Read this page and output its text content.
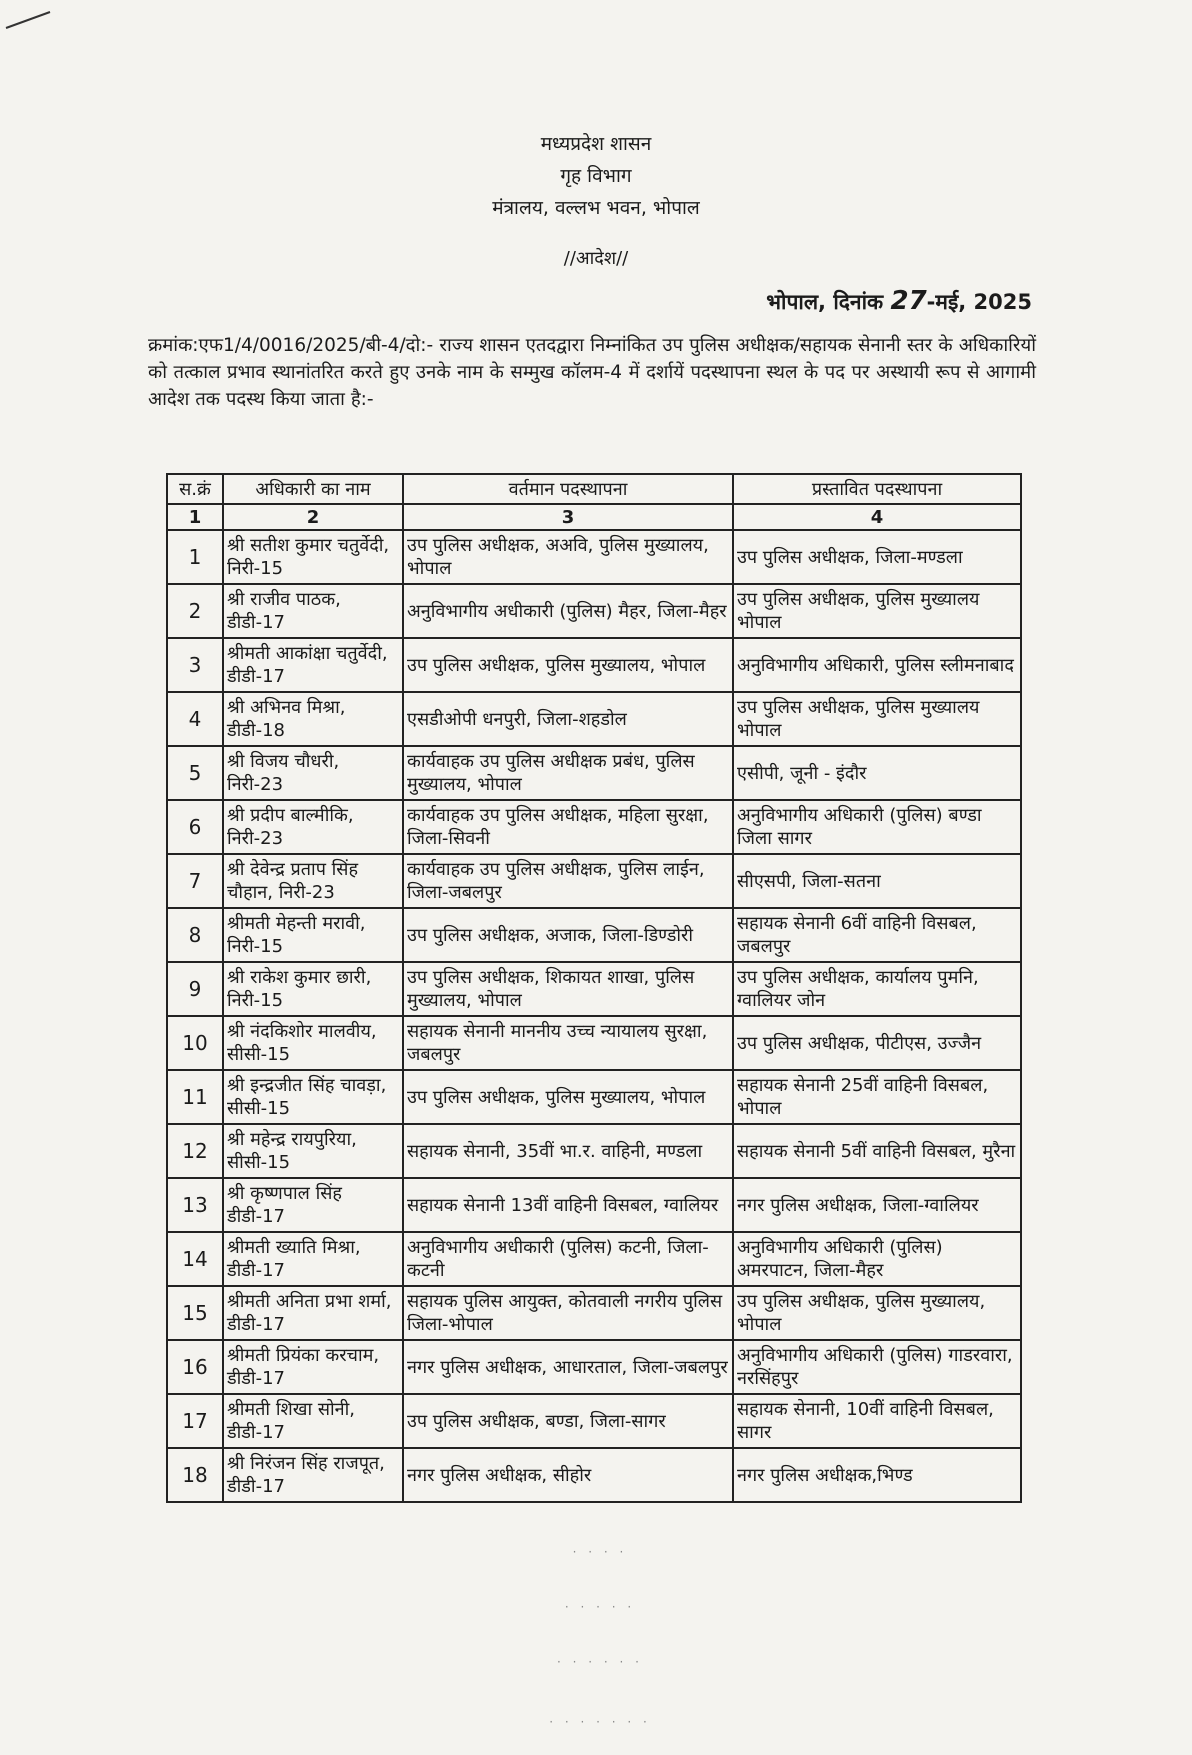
मध्यप्रदेश शासन
गृह विभाग
मंत्रालय, वल्लभ भवन, भोपाल
//आदेश//
भोपाल, दिनांक 27-मई, 2025
क्रमांक:एफ1/4/0016/2025/बी-4/दो:- राज्य शासन एतदद्वारा निम्नांकित उप पुलिस अधीक्षक/सहायक सेनानी स्तर के अधिकारियों को तत्काल प्रभाव स्थानांतरित करते हुए उनके नाम के सम्मुख कॉलम-4 में दर्शायें पदस्थापना स्थल के पद पर अस्थायी रूप से आगामी आदेश तक पदस्थ किया जाता है:-
स.क्रं	अधिकारी का नाम	वर्तमान पदस्थापना	प्रस्तावित पदस्थापना
1	2	3	4
1	श्री सतीश कुमार चतुर्वेदी, निरी-15	उप पुलिस अधीक्षक, अअवि, पुलिस मुख्यालय, भोपाल	उप पुलिस अधीक्षक, जिला-मण्डला
2	श्री राजीव पाठक, डीडी-17	अनुविभागीय अधीकारी (पुलिस) मैहर, जिला-मैहर	उप पुलिस अधीक्षक, पुलिस मुख्यालय भोपाल
3	श्रीमती आकांक्षा चतुर्वेदी, डीडी-17	उप पुलिस अधीक्षक, पुलिस मुख्यालय, भोपाल	अनुविभागीय अधिकारी, पुलिस स्लीमनाबाद
4	श्री अभिनव मिश्रा, डीडी-18	एसडीओपी धनपुरी, जिला-शहडोल	उप पुलिस अधीक्षक, पुलिस मुख्यालय भोपाल
5	श्री विजय चौधरी, निरी-23	कार्यवाहक उप पुलिस अधीक्षक प्रबंध, पुलिस मुख्यालय, भोपाल	एसीपी, जूनी - इंदौर
6	श्री प्रदीप बाल्मीकि, निरी-23	कार्यवाहक उप पुलिस अधीक्षक, महिला सुरक्षा, जिला-सिवनी	अनुविभागीय अधिकारी (पुलिस) बण्डा जिला सागर
7	श्री देवेन्द्र प्रताप सिंह चौहान, निरी-23	कार्यवाहक उप पुलिस अधीक्षक, पुलिस लाईन, जिला-जबलपुर	सीएसपी, जिला-सतना
8	श्रीमती मेहन्ती मरावी, निरी-15	उप पुलिस अधीक्षक, अजाक, जिला-डिण्डोरी	सहायक सेनानी 6वीं वाहिनी विसबल, जबलपुर
9	श्री राकेश कुमार छारी, निरी-15	उप पुलिस अधीक्षक, शिकायत शाखा, पुलिस मुख्यालय, भोपाल	उप पुलिस अधीक्षक, कार्यालय पुमनि, ग्वालियर जोन
10	श्री नंदकिशोर मालवीय, सीसी-15	सहायक सेनानी माननीय उच्च न्यायालय सुरक्षा, जबलपुर	उप पुलिस अधीक्षक, पीटीएस, उज्जैन
11	श्री इन्द्रजीत सिंह चावड़ा, सीसी-15	उप पुलिस अधीक्षक, पुलिस मुख्यालय, भोपाल	सहायक सेनानी 25वीं वाहिनी विसबल, भोपाल
12	श्री महेन्द्र रायपुरिया, सीसी-15	सहायक सेनानी, 35वीं भा.र. वाहिनी, मण्डला	सहायक सेनानी 5वीं वाहिनी विसबल, मुरैना
13	श्री कृष्णपाल सिंह डीडी-17	सहायक सेनानी 13वीं वाहिनी विसबल, ग्वालियर	नगर पुलिस अधीक्षक, जिला-ग्वालियर
14	श्रीमती ख्याति मिश्रा, डीडी-17	अनुविभागीय अधीकारी (पुलिस) कटनी, जिला-कटनी	अनुविभागीय अधिकारी (पुलिस) अमरपाटन, जिला-मैहर
15	श्रीमती अनिता प्रभा शर्मा, डीडी-17	सहायक पुलिस आयुक्त, कोतवाली नगरीय पुलिस जिला-भोपाल	उप पुलिस अधीक्षक, पुलिस मुख्यालय, भोपाल
16	श्रीमती प्रियंका करचाम, डीडी-17	नगर पुलिस अधीक्षक, आधारताल, जिला-जबलपुर	अनुविभागीय अधिकारी (पुलिस) गाडरवारा, नरसिंहपुर
17	श्रीमती शिखा सोनी, डीडी-17	उप पुलिस अधीक्षक, बण्डा, जिला-सागर	सहायक सेनानी, 10वीं वाहिनी विसबल, सागर
18	श्री निरंजन सिंह राजपूत, डीडी-17	नगर पुलिस अधीक्षक, सीहोर	नगर पुलिस अधीक्षक,भिण्ड
· · · ·
· · · · ·
· · · · · ·
· · · · · · ·
